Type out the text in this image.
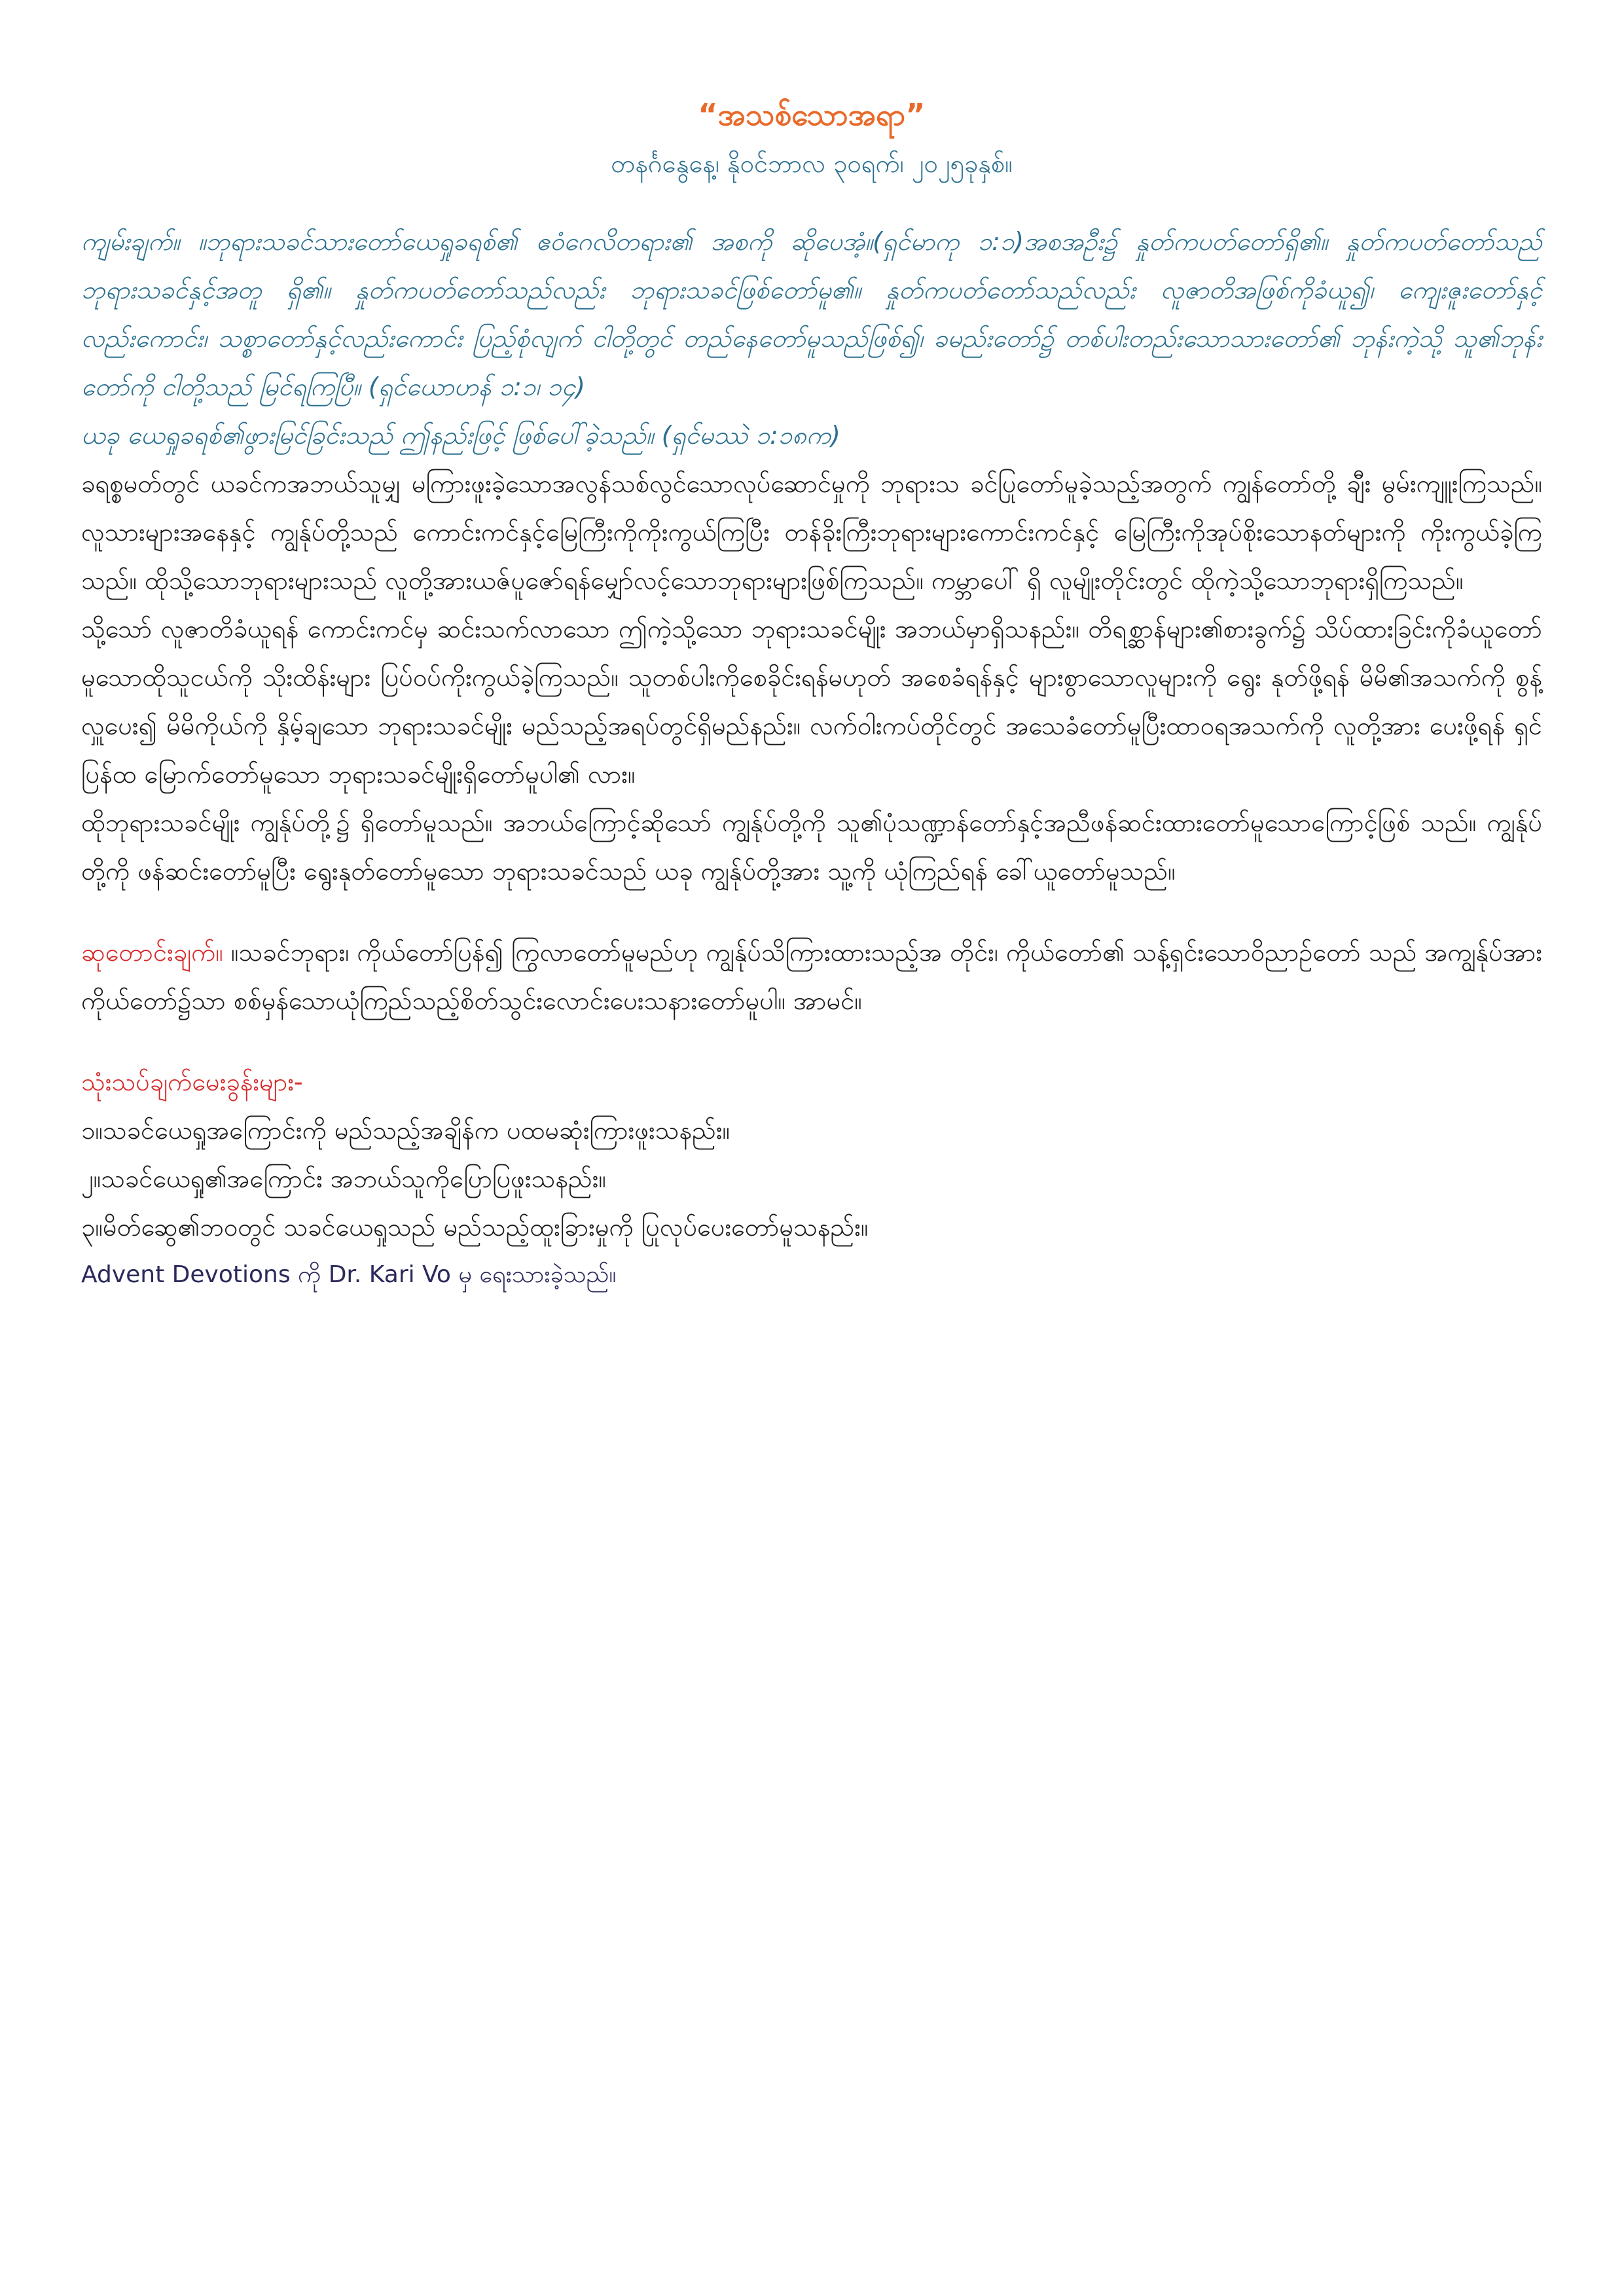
“အသစ်သောအရာ”

တနင်္ဂနွေနေ့၊ နိုဝင်ဘာလ ၃၀ရက်၊ ၂၀၂၅ခုနှစ်။

ကျမ်းချက်။ ။ဘုရားသခင်သားတော်ယေရှုခရစ်၏ ဧဝံဂေလိတရား၏ အစကို ဆိုပေအံ့။(ရှင်မာကု ၁:၁)အစအဦး၌ နှုတ်ကပတ်တော်ရှိ၏။ နှုတ်ကပတ်တော်သည် ဘုရားသခင်နှင့်အတူ ရှိ၏။ နှုတ်ကပတ်တော်သည်လည်း ဘုရားသခင်ဖြစ်တော်မူ၏။ နှုတ်ကပတ်တော်သည်လည်း လူဇာတိအဖြစ်ကိုခံယူ၍၊ ကျေးဇူးတော်နှင့်လည်းကောင်း၊ သစ္စာတော်နှင့်လည်းကောင်း ပြည့်စုံလျက် ငါတို့တွင် တည်နေတော်မူသည်ဖြစ်၍၊ ခမည်းတော်၌ တစ်ပါးတည်းသောသားတော်၏ ဘုန်းကဲ့သို့ သူ၏ဘုန်းတော်ကို ငါတို့သည် မြင်ရကြပြီ။ (ရှင်ယောဟန် ၁:၁၊ ၁၄)

ယခု ယေရှုခရစ်၏ဖွားမြင်ခြင်းသည် ဤနည်းဖြင့် ဖြစ်ပေါ်ခဲ့သည်။ (ရှင်မဿဲ ၁:၁၈က)

ခရစ္စမတ်တွင် ယခင်ကအဘယ်သူမျှ မကြားဖူးခဲ့သောအလွန်သစ်လွင်သောလုပ်ဆောင်မှုကို ဘုရားသ ခင်ပြုတော်မူခဲ့သည့်အတွက် ကျွန်တော်တို့ ချီး မွမ်းကျူးကြသည်။ လူသားများအနေနှင့် ကျွန်ုပ်တို့သည် ကောင်းကင်နှင့်မြေကြီးကိုကိုးကွယ်ကြပြီး တန်ခိုးကြီးဘုရားများကောင်းကင်နှင့် မြေကြီးကိုအုပ်စိုးသောနတ်များကို ကိုးကွယ်ခဲ့ကြသည်။ ထိုသို့သောဘုရားများသည် လူတို့အားယဇ်ပူဇော်ရန်မျှော်လင့်သောဘုရားများဖြစ်ကြသည်။ ကမ္ဘာပေါ် ရှိ လူမျိုးတိုင်းတွင် ထိုကဲ့သို့သောဘုရားရှိကြသည်။

သို့သော် လူဇာတိခံယူရန် ကောင်းကင်မှ ဆင်းသက်လာသော ဤကဲ့သို့သော ဘုရားသခင်မျိုး အဘယ်မှာရှိသနည်း။ တိရစ္ဆာန်များ၏စားခွက်၌ သိပ်ထားခြင်းကိုခံယူတော်မူသောထိုသူငယ်ကို သိုးထိန်းများ ပြပ်ဝပ်ကိုးကွယ်ခဲ့ကြသည်။ သူတစ်ပါးကိုစေခိုင်းရန်မဟုတ် အစေခံရန်နှင့် များစွာသောလူများကို ရွေး နုတ်ဖို့ရန် မိမိ၏အသက်ကို စွန့်လှူပေး၍ မိမိကိုယ်ကို နှိမ့်ချသော ဘုရားသခင်မျိုး မည်သည့်အရပ်တွင်ရှိမည်နည်း။ လက်ဝါးကပ်တိုင်တွင် အသေခံတော်မူပြီးထာဝရအသက်ကို လူတို့အား ပေးဖို့ရန် ရှင်ပြန်ထ မြောက်တော်မူသော ဘုရားသခင်မျိုးရှိတော်မူပါ၏ လား။

ထိုဘုရားသခင်မျိုး ကျွန်ုပ်တို့၌ ရှိတော်မူသည်။ အဘယ်ကြောင့်ဆိုသော် ကျွန်ုပ်တို့ကို သူ၏ပုံသဏ္ဍာန်တော်နှင့်အညီဖန်ဆင်းထားတော်မူသောကြောင့်ဖြစ် သည်။ ကျွန်ုပ်တို့ကို ဖန်ဆင်းတော်မူပြီး ရွေးနုတ်တော်မူသော ဘုရားသခင်သည် ယခု ကျွန်ုပ်တို့အား သူ့ကို ယုံကြည်ရန် ခေါ်ယူတော်မူသည်။

ဆုတောင်းချက်။ ။သခင်ဘုရား၊ ကိုယ်တော်ပြန်၍ ကြွလာတော်မူမည်ဟု ကျွန်ုပ်သိကြားထားသည့်အ တိုင်း၊ ကိုယ်တော်၏ သန့်ရှင်းသောဝိညာဉ်တော် သည် အကျွန်ုပ်အား ကိုယ်တော်၌သာ စစ်မှန်သောယုံကြည်သည့်စိတ်သွင်းလောင်းပေးသနားတော်မူပါ။ အာမင်။

သုံးသပ်ချက်မေးခွန်းများ-

၁။သခင်ယေရှုအကြောင်းကို မည်သည့်အချိန်က ပထမဆုံးကြားဖူးသနည်း။

၂။သခင်ယေရှု၏အကြောင်း အဘယ်သူကိုပြောပြဖူးသနည်း။

၃။မိတ်ဆွေ၏ဘဝတွင် သခင်ယေရှုသည် မည်သည့်ထူးခြားမှုကို ပြုလုပ်ပေးတော်မူသနည်း။

Advent Devotions ကို Dr. Kari Vo မှ ရေးသားခဲ့သည်။
